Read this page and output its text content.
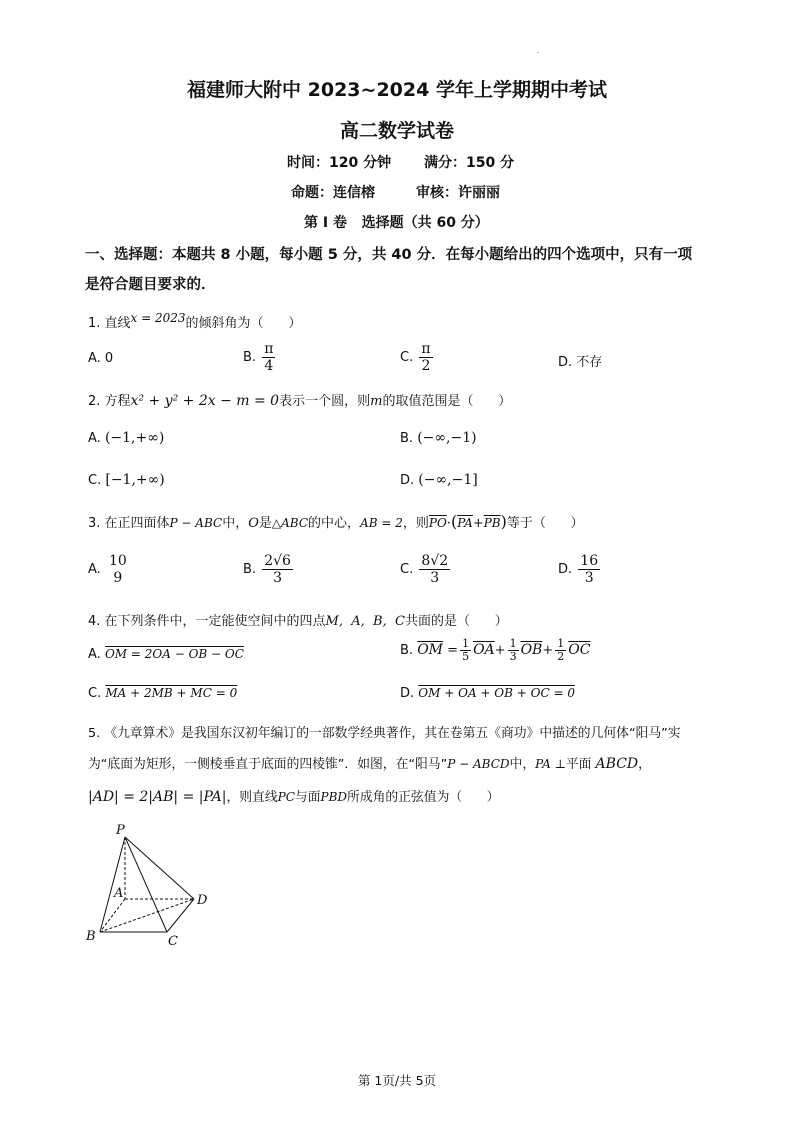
·
福建师大附中 2023~2024 学年上学期期中考试
高二数学试卷
时间：120 分钟 满分：150 分
命题：连信榕	审核：许丽丽
第 I 卷   选择题（共 60 分）
一、选择题：本题共 8 小题，每小题 5 分，共 40 分．在每小题给出的四个选项中，只有一项
是符合题目要求的．
1. 直线x = 2023的倾斜角为（      ）
A. 0	B. $\frac{\pi}{4}$	C. $\frac{\pi}{2}$	D. 不存
2. 方程x² + y² + 2x − m = 0表示一个圆，则m的取值范围是（      ）
A. (−1,+∞)	B. (−∞,−1)
C. [−1,+∞)	D. (−∞,−1]
3. 在正四面体P − ABC中，O是△ABC的中心，AB = 2，则$\overline{PO}\cdot(\overline{PA}+\overline{PB})$等于（      ）
A.
10
9
B. $\frac{2√6}{3}$	C. $\frac{8√2}{3}$	D. $\frac{16}{3}$
4. 在下列条件中，一定能使空间中的四点M,  A,  B,  C共面的是（      ）
A. OM = 2OA − OB − OC	B. $\overline{OM} = \frac{1}{5} \overline{OA}+ \frac{1}{3} \overline{OB}+ \frac{1}{2} \overline{OC}$
C. MA + 2MB + MC = 0	D. OM + OA + OB + OC = 0
5. 《九章算术》是我国东汉初年编订的一部数学经典著作，其在卷第五《商功》中描述的几何体“阳马”实
为“底面为矩形，一侧棱垂直于底面的四棱锥”．如图，在“阳马”P − ABCD中，PA ⊥平面 ABCD，
|AD| = 2|AB| = |PA|，则直线PC与面PBD所成角的正弦值为（      ）
P
A
B	C
D
第 1页/共 5页
